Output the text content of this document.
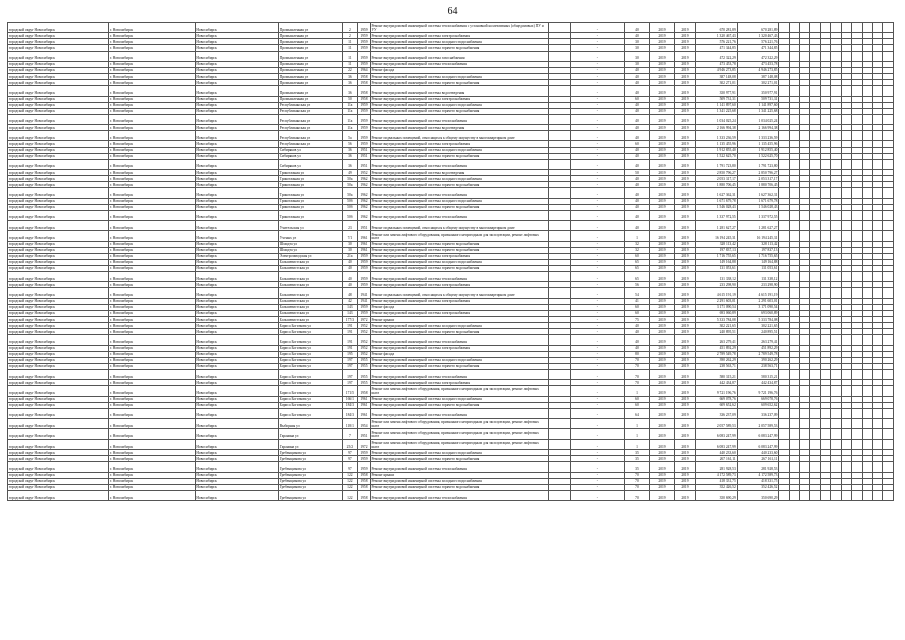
64
городской округ Новосибирск	г. Новосибирск	Новосибирск	Промышленная ул	2	1959	Ремонт внутридомовой инженерной системы теплоснабжения с установкой коллективных (общедомовых) ПУ и УУ		-	40	2019	2019	670 281,89	670 281,89											
городской округ Новосибирск	г. Новосибирск	Новосибирск	Промышленная ул	2	1959	Ремонт внутридомовой инженерной системы электроснабжения		-	40	2019	2019	1 320 467,43	1 320 467,43											
городской округ Новосибирск	г. Новосибирск	Новосибирск	Промышленная ул	11	1959	Ремонт внутридомовой инженерной системы холодного водоснабжения		-	30	2019	2019	576 221,76	576 221,76											
городской округ Новосибирск	г. Новосибирск	Новосибирск	Промышленная ул	11	1959	Ремонт внутридомовой инженерной системы горячего водоснабжения		-	30	2019	2019	471 344,85	471 344,85											
городской округ Новосибирск	г. Новосибирск	Новосибирск	Промышленная ул	11	1959	Ремонт внутридомовой инженерной системы газоснабжения		-	30	2019	2019	472 322,29	472 322,29											
городской округ Новосибирск	г. Новосибирск	Новосибирск	Промышленная ул	11	1959	Ремонт внутридомовой инженерной системы теплоснабжения		-	30	2019	2019	473 453,78	473 453,78											
городской округ Новосибирск	г. Новосибирск	Новосибирск	Промышленная ул	22	1964	Ремонт фасада		-	40	2019	2019	4 946 273,85	4 946 273,85											
городской округ Новосибирск	г. Новосибирск	Новосибирск	Промышленная ул	36	1958	Ремонт внутридомовой инженерной системы холодного водоснабжения		-	40	2019	2019	387 148,08	387 148,08											
городской округ Новосибирск	г. Новосибирск	Новосибирск	Промышленная ул	36	1958	Ремонт внутридомовой инженерной системы горячего водоснабжения		-	40	2019	2019	302 271,01	302 271,01											
городской округ Новосибирск	г. Новосибирск	Новосибирск	Промышленная ул	36	1958	Ремонт внутридомовой инженерной системы водоотведения		-	40	2019	2019	350 977,91	350 977,91											
городской округ Новосибирск	г. Новосибирск	Новосибирск	Промышленная ул	50	1958	Ремонт внутридомовой инженерной системы электроснабжения		-	60	2019	2019	509 731,31	509 731,31											
городской округ Новосибирск	г. Новосибирск	Новосибирск	Республиканская ул	11а	1959	Ремонт внутридомовой инженерной системы холодного водоснабжения		-	40	2019	2019	1 141 897,60	1 141 897,60											
городской округ Новосибирск	г. Новосибирск	Новосибирск	Республиканская ул	11а	1959	Ремонт внутридомовой инженерной системы горячего водоснабжения		-	40	2019	2019	1 341 225,68	1 341 225,68											
городской округ Новосибирск	г. Новосибирск	Новосибирск	Республиканская ул	11а	1959	Ремонт внутридомовой инженерной системы теплоснабжения		-	40	2019	2019	1 034 025,24	1 034 025,24											
городской округ Новосибирск	г. Новосибирск	Новосибирск	Республиканская ул	11а	1959	Ремонт внутридомовой инженерной системы водоотведения		-	40	2019	2019	2 166 994,38	2 166 994,38											
городской округ Новосибирск	г. Новосибирск	Новосибирск	Республиканская ул	5а	1959	Ремонт подвальных помещений, относящихся к общему имуществу в многоквартирном доме		-	40	2019	2019	1 333 236,59	1 333 236,59											
городской округ Новосибирск	г. Новосибирск	Новосибирск	Республиканская ул	56	1959	Ремонт внутридомовой инженерной системы электроснабжения		-	60	2019	2019	1 135 455,96	1 135 455,96											
городской округ Новосибирск	г. Новосибирск	Новосибирск	Сибиряков ул	36	1951	Ремонт внутридомовой инженерной системы холодного водоснабжения		-	40	2019	2019	1 912 855,40	1 912 855,40											
городской округ Новосибирск	г. Новосибирск	Новосибирск	Сибиряков ул	36	1951	Ремонт внутридомовой инженерной системы горячего водоснабжения		-	40	2019	2019	1 522 625,70	1 522 625,70											
городской округ Новосибирск	г. Новосибирск	Новосибирск	Сибиряков ул	36	1951	Ремонт внутридомовой инженерной системы теплоснабжения		-	40	2019	2019	1 791 723,80	1 791 723,80											
городской округ Новосибирск	г. Новосибирск	Новосибирск	Трикотажная ул	49	1952	Ремонт внутридомовой инженерной системы водоотведения		-	50	2019	2019	2 850 796,27	2 850 796,27											
городской округ Новосибирск	г. Новосибирск	Новосибирск	Трикотажная ул	50а	1962	Ремонт внутридомовой инженерной системы холодного водоснабжения		-	40	2019	2019	2 053 317,17	2 053 317,17											
городской округ Новосибирск	г. Новосибирск	Новосибирск	Трикотажная ул	50а	1962	Ремонт внутридомовой инженерной системы горячего водоснабжения		-	40	2019	2019	1 880 706,45	1 880 706,45											
городской округ Новосибирск	г. Новосибирск	Новосибирск	Трикотажная ул	50а	1962	Ремонт внутридомовой инженерной системы теплоснабжения		-	40	2019	2019	1 627 362,31	1 627 362,31											
городской округ Новосибирск	г. Новосибирск	Новосибирск	Трикотажная ул	50б	1962	Ремонт внутридомовой инженерной системы холодного водоснабжения		-	40	2019	2019	1 671 679,78	1 671 679,78											
городской округ Новосибирск	г. Новосибирск	Новосибирск	Трикотажная ул	50б	1962	Ремонт внутридомовой инженерной системы горячего водоснабжения		-	40	2019	2019	1 546 028,43	1 546 028,43											
городской округ Новосибирск	г. Новосибирск	Новосибирск	Трикотажная ул	50б	1962	Ремонт внутридомовой инженерной системы теплоснабжения		-	40	2019	2019	1 337 972,55	1 337 972,55											
городской округ Новосибирск	г. Новосибирск	Новосибирск	Учительская ул	23	1951	Ремонт подвальных помещений, относящихся к общему имуществу в многоквартирном доме		-	40	2019	2019	1 281 627,27	1 281 627,27											
городской округ Новосибирск	г. Новосибирск	Новосибирск	Ученых ул	7/1	1961	Ремонт или замена лифтового оборудования, признанного непригодным для эксплуатации, ремонт лифтовых шахт		-	1	2019	2019	16 194 245,31	16 194 245,31											
городской округ Новосибирск	г. Новосибирск	Новосибирск	Шмидта ул	30	1961	Ремонт внутридомовой инженерной системы горячего водоснабжения		-	32	2019	2019	328 113,42	328 113,42											
городской округ Новосибирск	г. Новосибирск	Новосибирск	Шмидта ул	30	1961	Ремонт внутридомовой инженерной системы горячего водоснабжения		-	32	2019	2019	197 837,13	197 837,13											
городской округ Новосибирск	г. Новосибирск	Новосибирск	Электрозаводская ул	21а	1959	Ремонт внутридомовой инженерной системы электроснабжения		-	60	2019	2019	1 716 755,65	1 716 755,65											
городской округ Новосибирск	г. Новосибирск	Новосибирск	Большевистская ул	40	1959	Ремонт внутридомовой инженерной системы холодного водоснабжения		-	65	2019	2019	149 164,88	149 164,88											
городской округ Новосибирск	г. Новосибирск	Новосибирск	Большевистская ул	40	1959	Ремонт внутридомовой инженерной системы горячего водоснабжения		-	65	2019	2019	131 053,61	131 053,61											
городской округ Новосибирск	г. Новосибирск	Новосибирск	Большевистская ул	40	1959	Ремонт внутридомовой инженерной системы теплоснабжения		-	65	2019	2019	131 338,12	131 338,12											
городской округ Новосибирск	г. Новосибирск	Новосибирск	Большевистская ул	40	1959	Ремонт внутридомовой инженерной системы электроснабжения		-	56	2019	2019	233 298,90	233 298,90											
городской округ Новосибирск	г. Новосибирск	Новосибирск	Большевистская ул	48	1941	Ремонт подвальных помещений, относящихся к общему имуществу в многоквартирном доме		-	54	2019	2019	4 615 191,19	4 615 191,19											
городской округ Новосибирск	г. Новосибирск	Новосибирск	Большевистская ул	42	1941	Ремонт внутридомовой инженерной системы электроснабжения		-	41	2019	2019	2 291 603,01	2 291 603,01											
городской округ Новосибирск	г. Новосибирск	Новосибирск	Большевистская ул	143	1959	Ремонт фасада		-	60	2019	2019	3 171 090,54	3 171 090,54											
городской округ Новосибирск	г. Новосибирск	Новосибирск	Большевистская ул	143	1959	Ремонт внутридомовой инженерной системы электроснабжения		-	60	2019	2019	693 060,89	693 060,89											
городской округ Новосибирск	г. Новосибирск	Новосибирск	Большевистская ул	177/3	1972	Ремонт крыши		-	75	2019	2019	5 333 784,08	5 333 784,08											
городской округ Новосибирск	г. Новосибирск	Новосибирск	Бориса Богаткова ул	191	1952	Ремонт внутридомовой инженерной системы холодного водоснабжения		-	40	2019	2019	302 221,65	302 221,65											
городской округ Новосибирск	г. Новосибирск	Новосибирск	Бориса Богаткова ул	191	1952	Ремонт внутридомовой инженерной системы горячего водоснабжения		-	40	2019	2019	240 895,51	240 895,51											
городской округ Новосибирск	г. Новосибирск	Новосибирск	Бориса Богаткова ул	191	1952	Ремонт внутридомовой инженерной системы теплоснабжения		-	40	2019	2019	263 279,41	263 279,41											
городской округ Новосибирск	г. Новосибирск	Новосибирск	Бориса Богаткова ул	191	1952	Ремонт внутридомовой инженерной системы электроснабжения		-	40	2019	2019	451 892,29	451 892,29											
городской округ Новосибирск	г. Новосибирск	Новосибирск	Бориса Богаткова ул	195	1952	Ремонт фасада		-	80	2019	2019	2 789 549,78	2 789 549,78											
городской округ Новосибирск	г. Новосибирск	Новосибирск	Бориса Богаткова ул	197	1955	Ремонт внутридомовой инженерной системы холодного водоснабжения		-	70	2019	2019	390 262,29	390 262,29											
городской округ Новосибирск	г. Новосибирск	Новосибирск	Бориса Богаткова ул	197	1955	Ремонт внутридомовой инженерной системы горячего водоснабжения		-	70	2019	2019	238 563,71	238 563,71											
городской округ Новосибирск	г. Новосибирск	Новосибирск	Бориса Богаткова ул	197	1955	Ремонт внутридомовой инженерной системы теплоснабжения		-	70	2019	2019	580 315,21	580 315,21											
городской округ Новосибирск	г. Новосибирск	Новосибирск	Бориса Богаткова ул	197	1955	Ремонт внутридомовой инженерной системы электроснабжения		-	70	2019	2019	442 434,87	442 434,87											
городской округ Новосибирск	г. Новосибирск	Новосибирск	Бориса Богаткова ул	171/5	1958	Ремонт или замена лифтового оборудования, признанного непригодным для эксплуатации, ремонт лифтовых шахт		-	1	2019	2019	9 721 196,76	9 721 196,76											
городской округ Новосибирск	г. Новосибирск	Новосибирск	Бориса Богаткова ул	166/1	1961	Ремонт внутридомовой инженерной системы холодного водоснабжения		-	60	2019	2019	669 078,76	669 078,76											
городской округ Новосибирск	г. Новосибирск	Новосибирск	Бориса Богаткова ул	184/3	1961	Ремонт внутридомовой инженерной системы горячего водоснабжения		-	60	2019	2019	609 652,62	609 652,62											
городской округ Новосибирск	г. Новосибирск	Новосибирск	Бориса Богаткова ул	184/3	1961	Ремонт внутридомовой инженерной системы теплоснабжения		-	64	2019	2019	336 237,09	336 237,09											
городской округ Новосибирск	г. Новосибирск	Новосибирск	Выборная ул	118/1	1954	Ремонт или замена лифтового оборудования, признанного непригодным для эксплуатации, ремонт лифтовых шахт		-	1	2019	2019	2 057 589,53	2 057 589,53											
городской округ Новосибирск	г. Новосибирск	Новосибирск	Гаранина ул	7	1951	Ремонт или замена лифтового оборудования, признанного непригодным для эксплуатации, ремонт лифтовых шахт		-	1	2019	2019	6 083 247,99	6 083 247,99											
городской округ Новосибирск	г. Новосибирск	Новосибирск	Гаранина ул	25/2	1972	Ремонт или замена лифтового оборудования, признанного непригодным для эксплуатации, ремонт лифтовых шахт		-	1	2019	2019	6 083 247,99	6 083 247,99											
городской округ Новосибирск	г. Новосибирск	Новосибирск	Гребенщикова ул	97	1959	Ремонт внутридомовой инженерной системы холодного водоснабжения		-	35	2019	2019	440 233,60	440 233,60											
городской округ Новосибирск	г. Новосибирск	Новосибирск	Гребенщикова ул	97	1959	Ремонт внутридомовой инженерной системы горячего водоснабжения		-	35	2019	2019	267 161,11	267 161,11											
городской округ Новосибирск	г. Новосибирск	Новосибирск	Гребенщикова ул	97	1959	Ремонт внутридомовой инженерной системы теплоснабжения		-	35	2019	2019	281 928,53	281 928,53											
городской округ Новосибирск	г. Новосибирск	Новосибирск	Гребенщикова ул	122	1958	Ремонт крыши		-	70	2019	2019	4 172 589,73	4 172 589,73											
городской округ Новосибирск	г. Новосибирск	Новосибирск	Гребенщикова ул	122	1958	Ремонт внутридомовой инженерной системы холодного водоснабжения		-	70	2019	2019	418 331,75	418 331,75											
городской округ Новосибирск	г. Новосибирск	Новосибирск	Гребенщикова ул	122	1958	Ремонт внутридомовой инженерной системы горячего водоснабжения		-	70	2019	2019	352 426,52	352 426,52											
городской округ Новосибирск	г. Новосибирск	Новосибирск	Гребенщикова ул	122	1958	Ремонт внутридомовой инженерной системы теплоснабжения		-	70	2019	2019	350 690,29	350 690,29											
